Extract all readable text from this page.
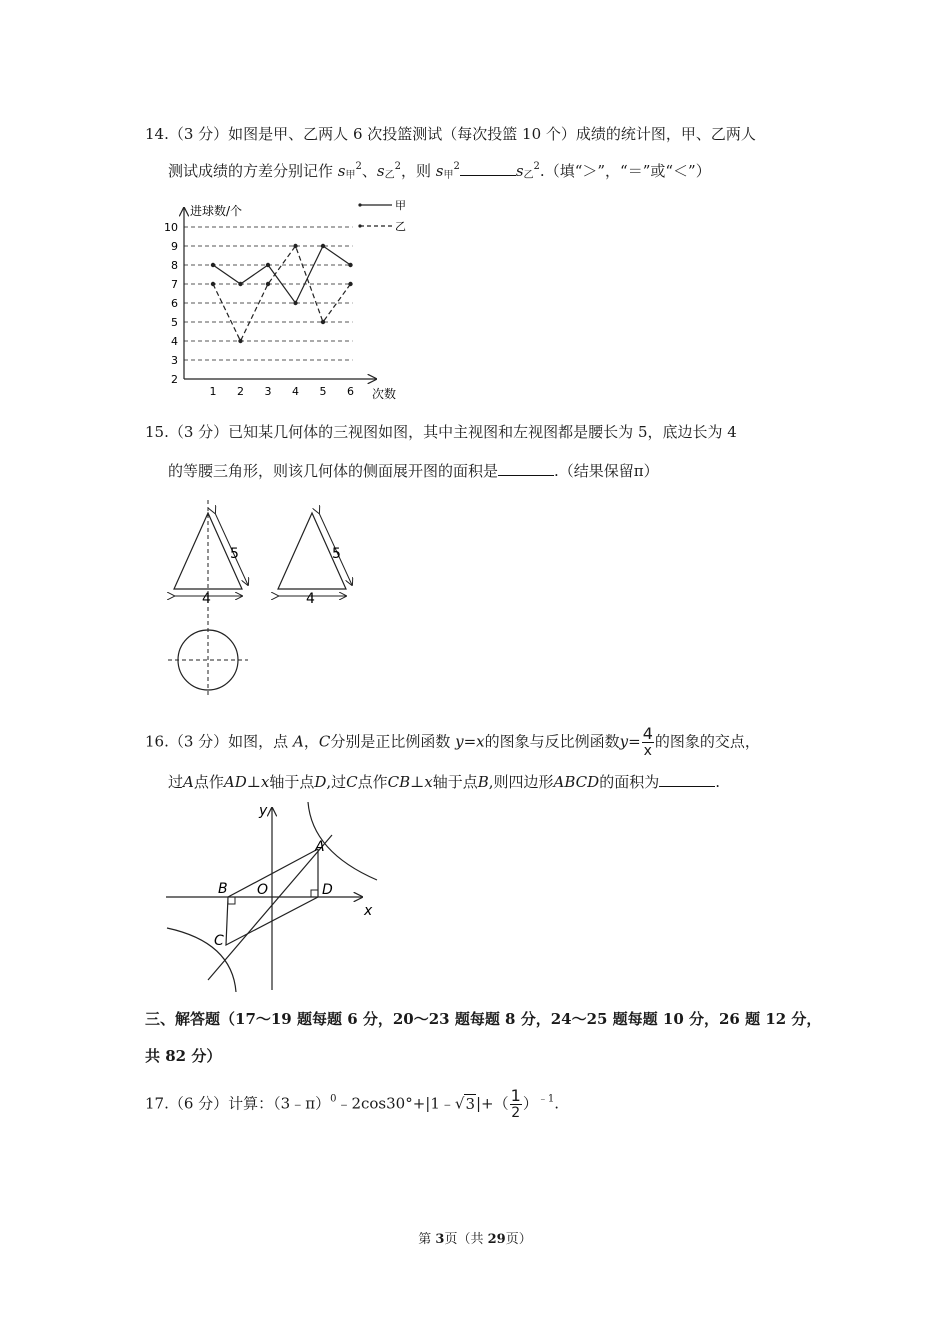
14.（3 分）如图是甲、乙两人 6 次投篮测试（每次投篮 10 个）成绩的统计图，甲、乙两人
测试成绩的方差分别记作 $s_甲^2$、$s_乙^2$，则 $s_甲^2$	$s_乙^2$.（填“＞”，“＝”或“＜”）
2
3
4
5
6
7
8
9
10
1 2 3 4 5 6
进球数/个
次数
甲
乙
15.（3 分）已知某几何体的三视图如图，其中主视图和左视图都是腰长为 5，底边长为 4
的等腰三角形，则该几何体的侧面展开图的面积是	.（结果保留π）
5
4
5
4
16.（3 分）如图，点 A，C分别是正比例函数 y=x的图象与反比例函数$y= \frac{4}{x}$ 的图象的交点，
过A点作AD⊥x轴于点D,过C点作CB⊥x轴于点B,则四边形ABCD的面积为	.
y
x
A
B
C
D
O
三、解答题（17～19 题每题 6 分，20～23 题每题 8 分，24～25 题每题 10 分，26 题 12 分，
共 82 分）
17.（6 分）计算：（3﹣π）$^0$﹣2cos30°+|1﹣√3|+（ $\frac{1}{2} )^{﹣1}$.
第 3页（共 29页）
